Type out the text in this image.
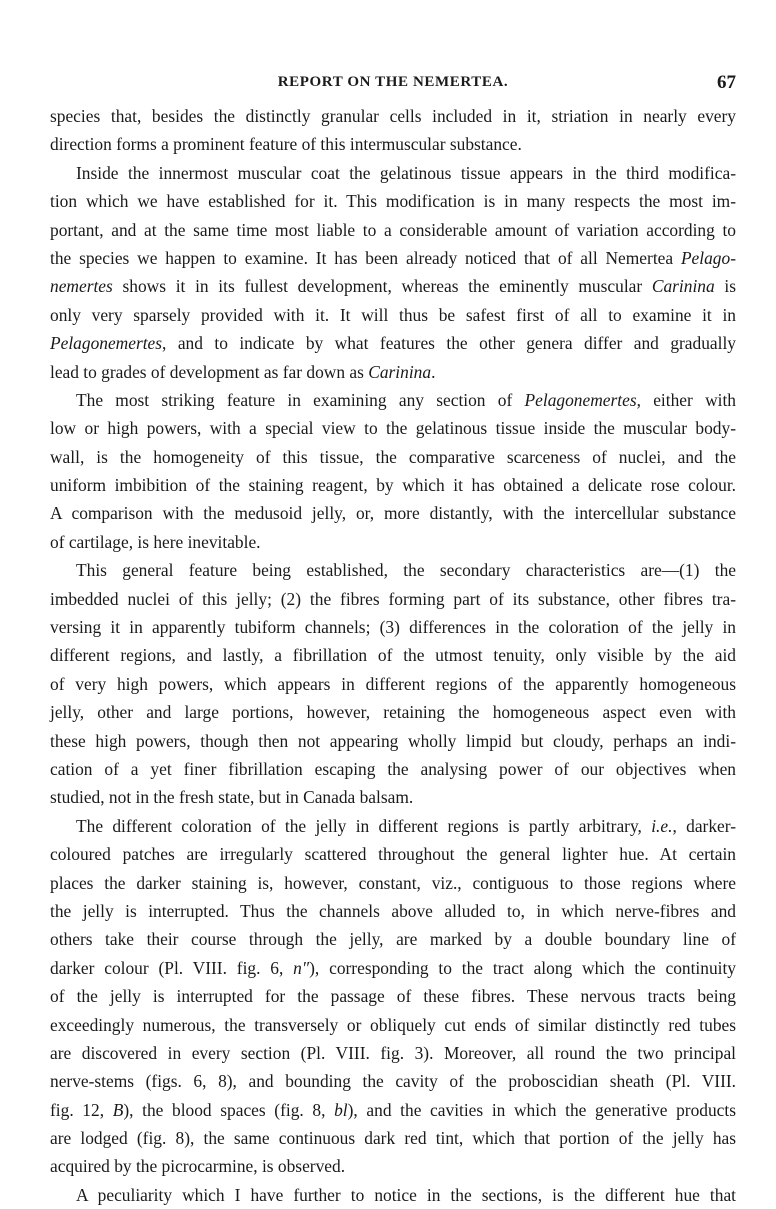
REPORT ON THE NEMERTEA.	67
species that, besides the distinctly granular cells included in it, striation in nearly every
direction forms a prominent feature of this intermuscular substance.
Inside the innermost muscular coat the gelatinous tissue appears in the third modifica-
tion which we have established for it. This modification is in many respects the most im-
portant, and at the same time most liable to a considerable amount of variation according to
the species we happen to examine. It has been already noticed that of all Nemertea Pelago-
nemertes shows it in its fullest development, whereas the eminently muscular Carinina is
only very sparsely provided with it. It will thus be safest first of all to examine it in
Pelagonemertes, and to indicate by what features the other genera differ and gradually
lead to grades of development as far down as Carinina.
The most striking feature in examining any section of Pelagonemertes, either with
low or high powers, with a special view to the gelatinous tissue inside the muscular body-
wall, is the homogeneity of this tissue, the comparative scarceness of nuclei, and the
uniform imbibition of the staining reagent, by which it has obtained a delicate rose colour.
A comparison with the medusoid jelly, or, more distantly, with the intercellular substance
of cartilage, is here inevitable.
This general feature being established, the secondary characteristics are—(1) the
imbedded nuclei of this jelly; (2) the fibres forming part of its substance, other fibres tra-
versing it in apparently tubiform channels; (3) differences in the coloration of the jelly in
different regions, and lastly, a fibrillation of the utmost tenuity, only visible by the aid
of very high powers, which appears in different regions of the apparently homogeneous
jelly, other and large portions, however, retaining the homogeneous aspect even with
these high powers, though then not appearing wholly limpid but cloudy, perhaps an indi-
cation of a yet finer fibrillation escaping the analysing power of our objectives when
studied, not in the fresh state, but in Canada balsam.
The different coloration of the jelly in different regions is partly arbitrary, i.e., darker-
coloured patches are irregularly scattered throughout the general lighter hue. At certain
places the darker staining is, however, constant, viz., contiguous to those regions where
the jelly is interrupted. Thus the channels above alluded to, in which nerve-fibres and
others take their course through the jelly, are marked by a double boundary line of
darker colour (Pl. VIII. fig. 6, n″), corresponding to the tract along which the continuity
of the jelly is interrupted for the passage of these fibres. These nervous tracts being
exceedingly numerous, the transversely or obliquely cut ends of similar distinctly red tubes
are discovered in every section (Pl. VIII. fig. 3). Moreover, all round the two principal
nerve-stems (figs. 6, 8), and bounding the cavity of the proboscidian sheath (Pl. VIII.
fig. 12, B), the blood spaces (fig. 8, bl), and the cavities in which the generative products
are lodged (fig. 8), the same continuous dark red tint, which that portion of the jelly has
acquired by the picrocarmine, is observed.
A peculiarity which I have further to notice in the sections, is the different hue that
